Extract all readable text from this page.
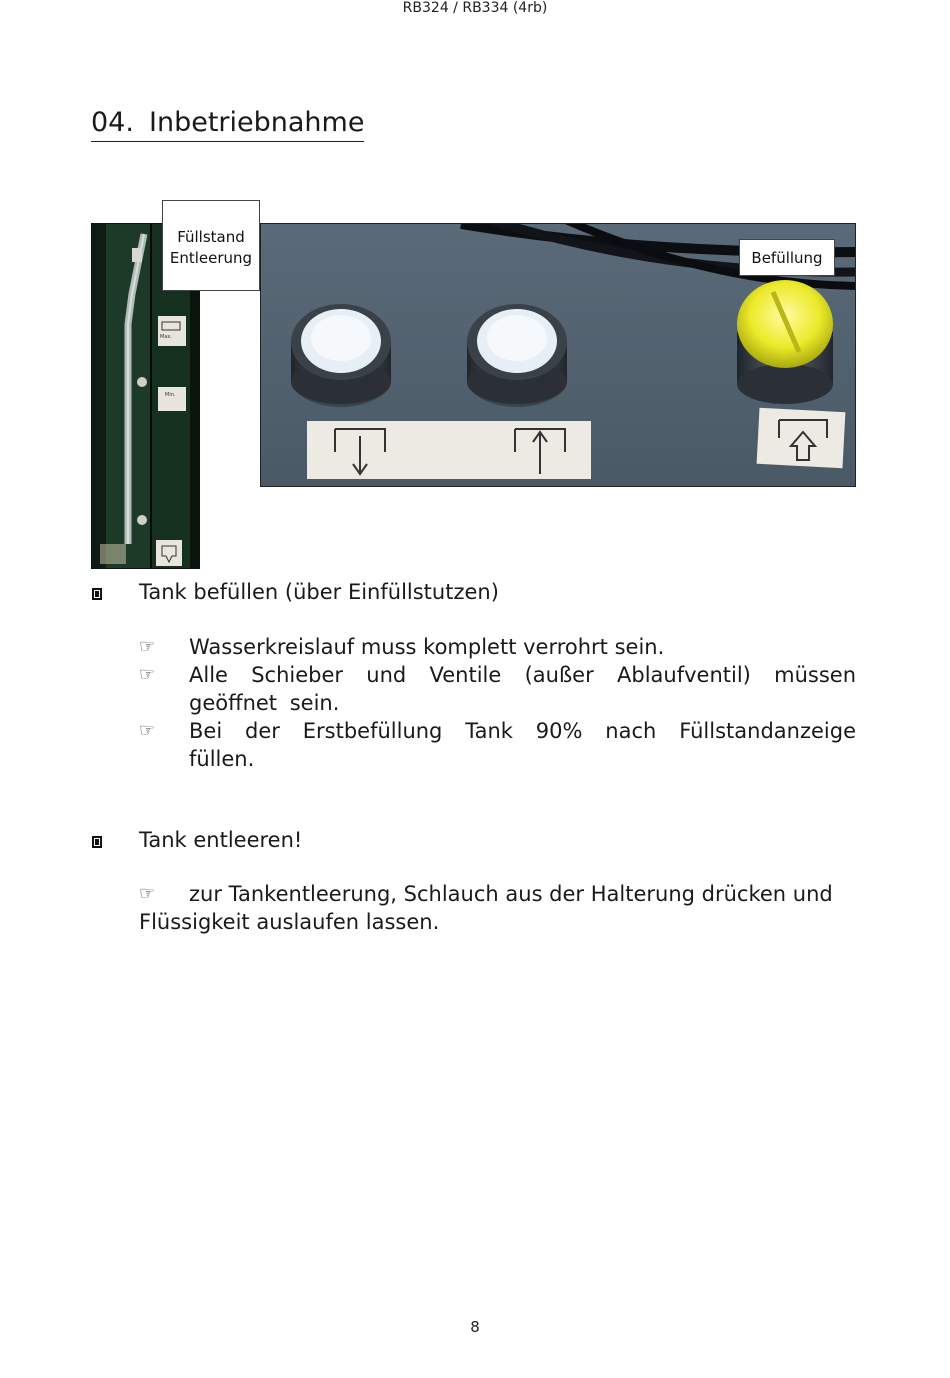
RB324 / RB334 (4rb)
04. Inbetriebnahme
Max.
Min.
Füllstand
Entleerung	Befüllung
Tank befüllen (über Einfüllstutzen)
☞ Wasserkreislauf muss komplett verrohrt sein.
☞ Alle Schieber und Ventile (außer Ablaufventil) müssen geöffnet sein.
☞ Bei der Erstbefüllung Tank 90% nach Füllstandanzeige füllen.
Tank entleeren!
☞ zur Tankentleerung, Schlauch aus der Halterung drücken und
Flüssigkeit auslaufen lassen.
8
